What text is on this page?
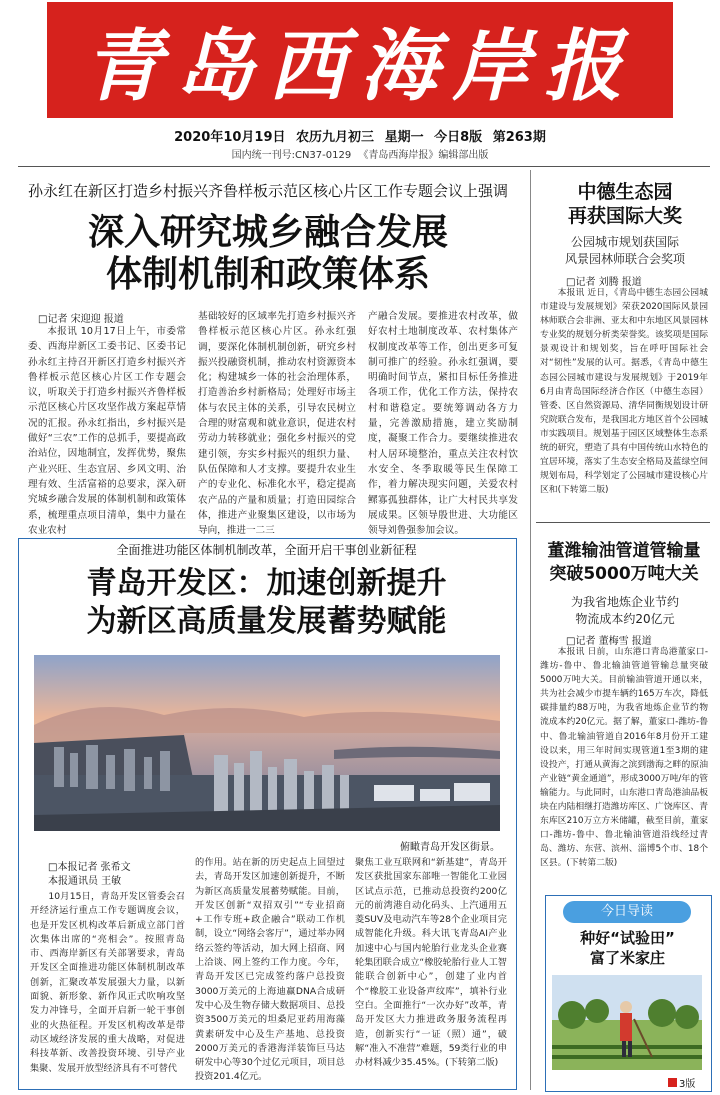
青岛西海岸报
2020年10月19日 农历九月初三 星期一 今日8版 第263期
国内统一刊号:CN37-0129 《青岛西海岸报》编辑部出版
孙永红在新区打造乡村振兴齐鲁样板示范区核心片区工作专题会议上强调
深入研究城乡融合发展
体制机制和政策体系
□记者 宋迎迎 报道
本报讯 10月17日上午，市委常委、西海岸新区工委书记、区委书记孙永红主持召开新区打造乡村振兴齐鲁样板示范区核心片区工作专题会议，听取关于打造乡村振兴齐鲁样板示范区核心片区攻坚作战方案起草情况的汇报。孙永红指出，乡村振兴是做好“三农”工作的总抓手，要提高政治站位，因地制宜，发挥优势，聚焦产业兴旺、生态宜居、乡风文明、治理有效、生活富裕的总要求，深入研究城乡融合发展的体制机制和政策体系，梳理重点项目清单，集中力量在农业农村
基础较好的区域率先打造乡村振兴齐鲁样板示范区核心片区。孙永红强调，要深化体制机制创新，研究乡村振兴投融资机制，推动农村资源资本化；构建城乡一体的社会治理体系，打造善治乡村新格局；处理好市场主体与农民主体的关系，引导农民树立合理的财富观和就业意识，促进农村劳动力转移就业；强化乡村振兴的党建引领，夯实乡村振兴的组织力量、队伍保障和人才支撑。要提升农业生产的专业化、标准化水平，稳定提高农产品的产量和质量；打造田园综合体，推进产业聚集区建设，以市场为导向，推进一二三
产融合发展。要推进农村改革，做好农村土地制度改革、农村集体产权制度改革等工作，创出更多可复制可推广的经验。孙永红强调，要明确时间节点，紧扣目标任务推进各项工作，优化工作方法，保持农村和谐稳定。要统筹调动各方力量，完善激励措施，建立奖励制度，凝聚工作合力。要继续推进农村人居环境整治，重点关注农村饮水安全、冬季取暖等民生保障工作，着力解决现实问题，关爱农村鳏寡孤独群体，让广大村民共享发展成果。区领导殷世进、大功能区领导刘鲁强参加会议。
中德生态园
再获国际大奖
公园城市规划获国际
风景园林师联合会奖项
□记者 刘腾 报道
本报讯 近日，《青岛中德生态园公园城市建设与发展规划》荣获2020国际风景园林师联合会非洲、亚太和中东地区风景园林专业奖的规划分析类荣誉奖。该奖项是国际景观设计和规划奖，旨在呼吁国际社会对“韧性”发展的认可。据悉，《青岛中德生态园公园城市建设与发展规划》于2019年6月由青岛国际经济合作区（中德生态园）管委、区自然资源局、清华同衡规划设计研究院联合发布，是我国北方地区首个公园城市实践项目。规划基于园区区域整体生态系统的研究，塑造了具有中国传统山水特色的宜居环境，落实了生态安全格局及蓝绿空间规划布局，科学划定了公园城市建设核心片区和(下转第二版)
董潍输油管道管输量
突破5000万吨大关
为我省地炼企业节约
物流成本约20亿元
□记者 董梅雪 报道
本报讯 日前，山东港口青岛港董家口-潍坊-鲁中、鲁北输油管道管输总量突破5000万吨大关。目前输油管道开通以来，共为社会减少市提车辆约165万车次，降低碳排量约88万吨，为我省地炼企业节约物流成本约20亿元。据了解，董家口-潍坊-鲁中、鲁北输油管道自2016年8月份开工建设以来，用三年时间实现管道1至3期的建设投产，打通从黄海之滨到渤海之畔的原油产业链“黄金通道”，形成3000万吨/年的管输能力。与此同时，山东港口青岛港油品板块在内陆相继打造潍坊库区、广饶库区、青东库区210万立方米储罐，截至目前，董家口-潍坊-鲁中、鲁北输油管道沿线经过青岛、潍坊、东营、滨州、淄博5个市、18个区县。(下转第二版)
全面推进功能区体制机制改革，全面开启干事创业新征程
青岛开发区：加速创新提升
为新区高质量发展蓄势赋能
俯瞰青岛开发区街景。
□本报记者 张希文
本报通讯员 王敏
10月15日，青岛开发区管委会召开经济运行重点工作专题调度会议，也是开发区机构改革后新成立部门首次集体出席的“亮相会”。按照青岛市、西海岸新区有关部署要求，青岛开发区全面推进功能区体制机制改革创新，汇聚改革发展强大力量，以新面貌、新形象、新作风正式吹响攻坚发力冲锋号，全面开启新一轮干事创业的火热征程。开发区机构改革是带动区域经济发展的重大战略，对促进科技革新、改善投资环境、引导产业集聚、发展开放型经济具有不可替代
的作用。站在新的历史起点上回望过去，青岛开发区加速创新提升，不断为新区高质量发展蓄势赋能。目前，开发区创新“双招双引”“专业招商+工作专班+政企融合”联动工作机制，设立“网络会客厅”，通过举办网络云签约等活动，加大网上招商、网上洽谈、网上签约工作力度。今年，青岛开发区已完成签约落户总投资3000万美元的上海迪赢DNA合成研发中心及生物存储大数据项目、总投资3500万美元的坦桑尼亚药用海藻黄素研发中心及生产基地、总投资2000万美元的香港海洋装饰巨马达研发中心等30个过亿元项目，项目总投资201.4亿元。
聚焦工业互联网和“新基建”，青岛开发区获批国家东部唯一智能化工业园区试点示范，已推动总投资约200亿元的前湾港自动化码头、上汽通用五菱SUV及电动汽车等28个企业项目完成智能化升级。科大讯飞青岛AI产业加速中心与国内轮胎行业龙头企业赛轮集团联合成立“橡胶轮胎行业人工智能联合创新中心”，创建了业内首个“橡胶工业设备声纹库”，填补行业空白。全面推行“一次办好”改革，青岛开发区大力推进政务服务流程再造，创新实行“一证（照）通”，破解“准入不准营”难题，59类行业的申办材料减少35.45%。(下转第二版)
今日导读
种好“试验田”
富了米家庄
3版
